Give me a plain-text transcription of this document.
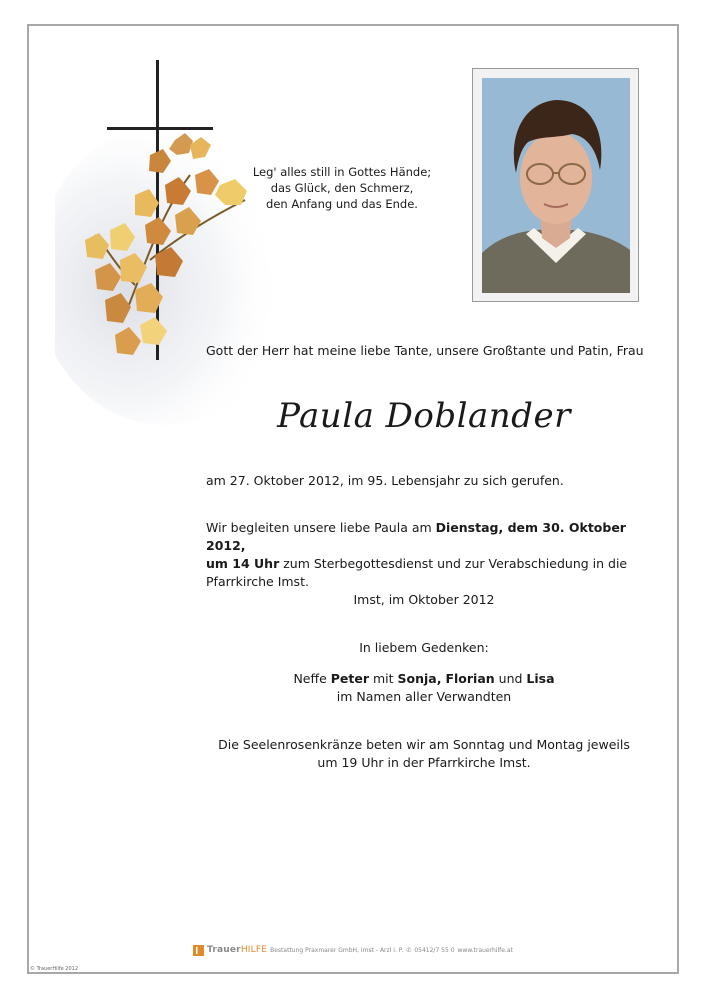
Leg' alles still in Gottes Hände;
das Glück, den Schmerz,
den Anfang und das Ende.
Gott der Herr hat meine liebe Tante, unsere Großtante und Patin, Frau
Paula Doblander
am 27. Oktober 2012, im 95. Lebensjahr zu sich gerufen.
Wir begleiten unsere liebe Paula am Dienstag, dem 30. Oktober 2012,
um 14 Uhr zum Sterbegottesdienst und zur Verabschiedung in die Pfarrkirche Imst.
Imst, im Oktober 2012
In liebem Gedenken:
Neffe Peter mit Sonja, Florian und Lisa
im Namen aller Verwandten
Die Seelenrosenkränze beten wir am Sonntag und Montag jeweils
um 19 Uhr in der Pfarrkirche Imst.
TrauerHILFE Bestattung Praxmarer GmbH, Imst - Arzl i. P. ✆ 05412/7 55 0 www.trauerhilfe.at
© TrauerHilfe 2012
